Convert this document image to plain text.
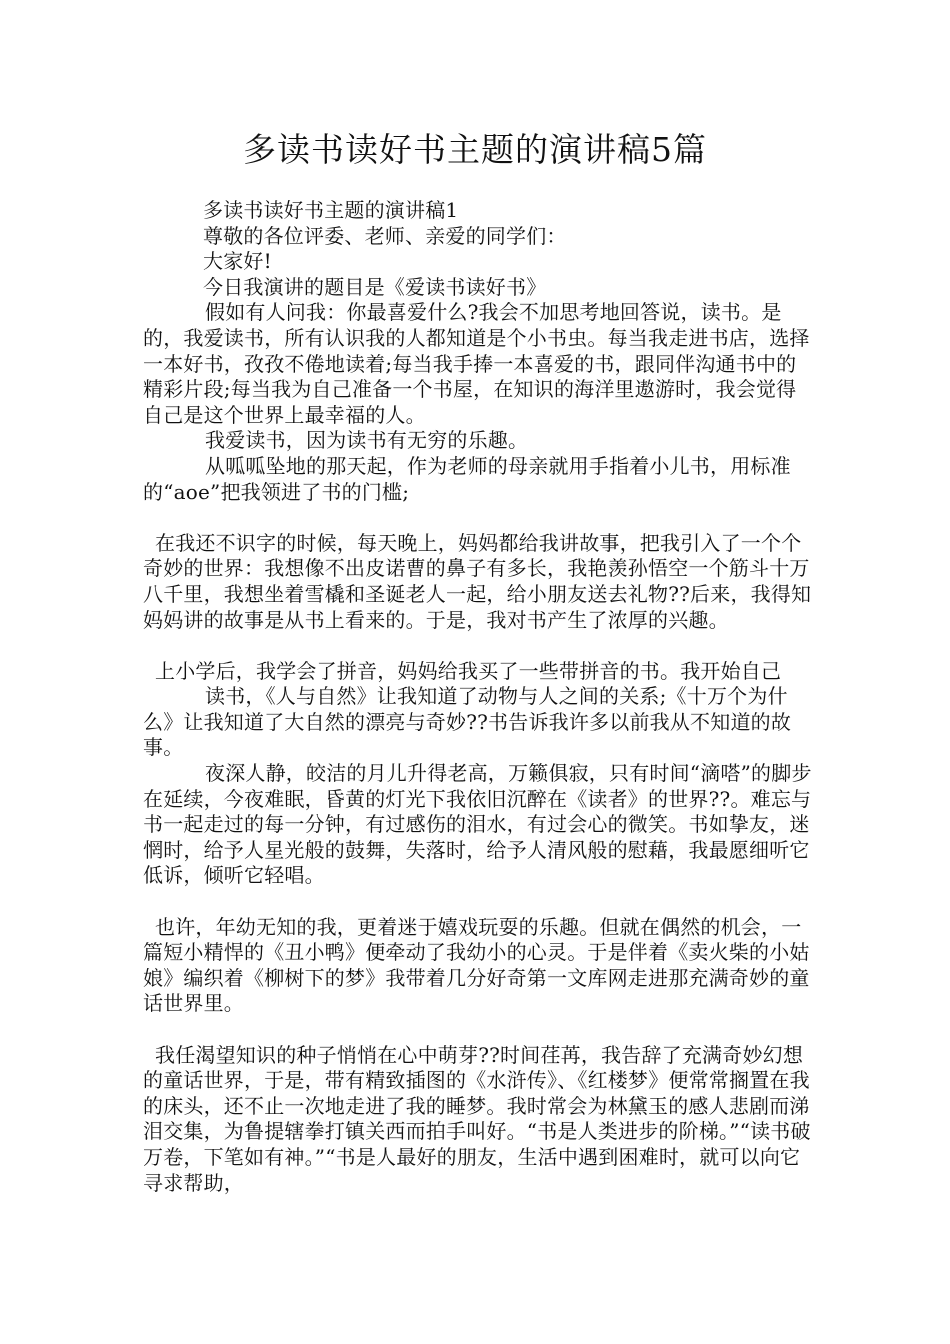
多读书读好书主题的演讲稿5篇

多读书读好书主题的演讲稿1

尊敬的各位评委、老师、亲爱的同学们：

大家好!

今日我演讲的题目是《爱读书读好书》

假如有人问我：你最喜爱什么?我会不加思考地回答说，读书。是的，我爱读书，所有认识我的人都知道是个小书虫。每当我走进书店，选择一本好书，孜孜不倦地读着;每当我手捧一本喜爱的书，跟同伴沟通书中的精彩片段;每当我为自己准备一个书屋，在知识的海洋里遨游时，我会觉得自己是这个世界上最幸福的人。

我爱读书，因为读书有无穷的乐趣。

从呱呱坠地的那天起，作为老师的母亲就用手指着小儿书，用标准的“aoe”把我领进了书的门槛;

在我还不识字的时候，每天晚上，妈妈都给我讲故事，把我引入了一个个奇妙的世界：我想像不出皮诺曹的鼻子有多长，我艳羡孙悟空一个筋斗十万八千里，我想坐着雪橇和圣诞老人一起，给小朋友送去礼物??后来，我得知妈妈讲的故事是从书上看来的。于是，我对书产生了浓厚的兴趣。

上小学后，我学会了拼音，妈妈给我买了一些带拼音的书。我开始自己

读书，《人与自然》让我知道了动物与人之间的关系;《十万个为什么》让我知道了大自然的漂亮与奇妙??书告诉我许多以前我从不知道的故事。

夜深人静，皎洁的月儿升得老高，万籁俱寂，只有时间“滴嗒”的脚步在延续，今夜难眠，昏黄的灯光下我依旧沉醉在《读者》的世界??。难忘与书一起走过的每一分钟，有过感伤的泪水，有过会心的微笑。书如挚友，迷惘时，给予人星光般的鼓舞，失落时，给予人清风般的慰藉，我最愿细听它低诉，倾听它轻唱。

也许，年幼无知的我，更着迷于嬉戏玩耍的乐趣。但就在偶然的机会，一篇短小精悍的《丑小鸭》便牵动了我幼小的心灵。于是伴着《卖火柴的小姑娘》编织着《柳树下的梦》我带着几分好奇第一文库网走进那充满奇妙的童话世界里。

我任渴望知识的种子悄悄在心中萌芽??时间荏苒，我告辞了充满奇妙幻想的童话世界，于是，带有精致插图的《水浒传》、《红楼梦》便常常搁置在我的床头，还不止一次地走进了我的睡梦。我时常会为林黛玉的感人悲剧而涕泪交集，为鲁提辖拳打镇关西而拍手叫好。“书是人类进步的阶梯。”“读书破万卷，下笔如有神。”“书是人最好的朋友，生活中遇到困难时，就可以向它寻求帮助，
